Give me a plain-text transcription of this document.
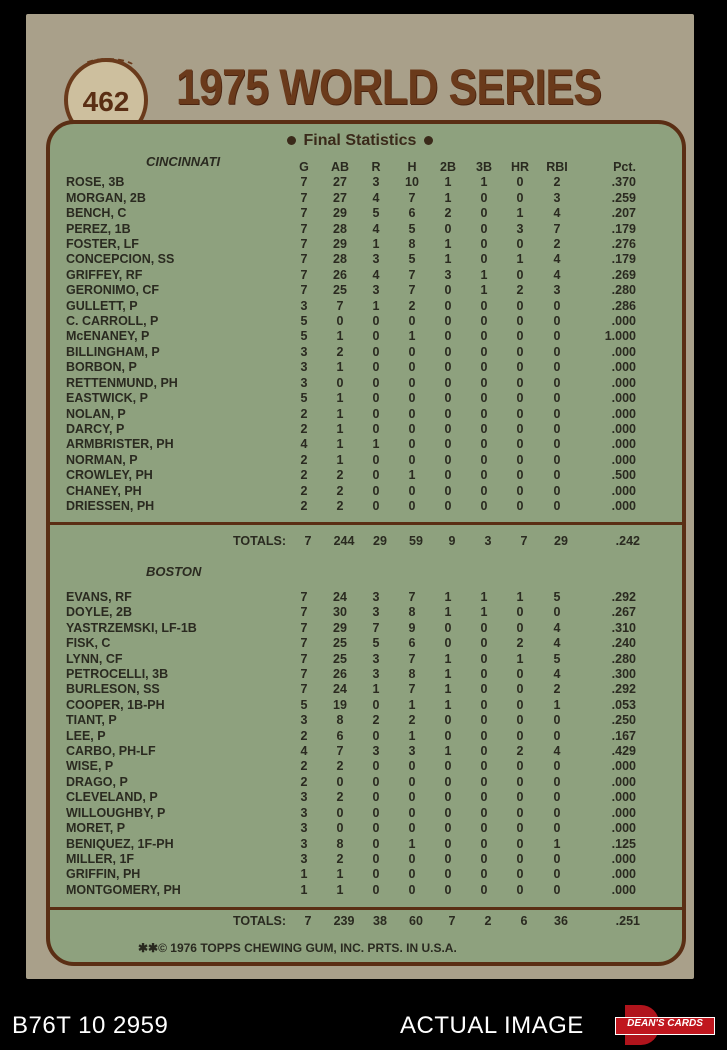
462 1975 WORLD SERIES
Final Statistics
CINCINNATI
		G	AB	R	H	2B	3B	HR	RBI	Pct.
ROSE, 3B	7	27	3	10	1	1	0	2	.370
MORGAN, 2B	7	27	4	7	1	0	0	3	.259
BENCH, C	7	29	5	6	2	0	1	4	.207
PEREZ, 1B	7	28	4	5	0	0	3	7	.179
FOSTER, LF	7	29	1	8	1	0	0	2	.276
CONCEPCION, SS	7	28	3	5	1	0	1	4	.179
GRIFFEY, RF	7	26	4	7	3	1	0	4	.269
GERONIMO, CF	7	25	3	7	0	1	2	3	.280
GULLETT, P	3	7	1	2	0	0	0	0	.286
C. CARROLL, P	5	0	0	0	0	0	0	0	.000
McENANEY, P	5	1	0	1	0	0	0	0	1.000
BILLINGHAM, P	3	2	0	0	0	0	0	0	.000
BORBON, P	3	1	0	0	0	0	0	0	.000
RETTENMUND, PH	3	0	0	0	0	0	0	0	.000
EASTWICK, P	5	1	0	0	0	0	0	0	.000
NOLAN, P	2	1	0	0	0	0	0	0	.000
DARCY, P	2	1	0	0	0	0	0	0	.000
ARMBRISTER, PH	4	1	1	0	0	0	0	0	.000
NORMAN, P	2	1	0	0	0	0	0	0	.000
CROWLEY, PH	2	2	0	1	0	0	0	0	.500
CHANEY, PH	2	2	0	0	0	0	0	0	.000
DRIESSEN, PH	2	2	0	0	0	0	0	0	.000
TOTALS:	7	244	29	59	9	3	7	29	.242
BOSTON
EVANS, RF	7	24	3	7	1	1	1	5	.292
DOYLE, 2B	7	30	3	8	1	1	0	0	.267
YASTRZEMSKI, LF-1B	7	29	7	9	0	0	0	4	.310
FISK, C	7	25	5	6	0	0	2	4	.240
LYNN, CF	7	25	3	7	1	0	1	5	.280
PETROCELLI, 3B	7	26	3	8	1	0	0	4	.300
BURLESON, SS	7	24	1	7	1	0	0	2	.292
COOPER, 1B-PH	5	19	0	1	1	0	0	1	.053
TIANT, P	3	8	2	2	0	0	0	0	.250
LEE, P	2	6	0	1	0	0	0	0	.167
CARBO, PH-LF	4	7	3	3	1	0	2	4	.429
WISE, P	2	2	0	0	0	0	0	0	.000
DRAGO, P	2	0	0	0	0	0	0	0	.000
CLEVELAND, P	3	2	0	0	0	0	0	0	.000
WILLOUGHBY, P	3	0	0	0	0	0	0	0	.000
MORET, P	3	0	0	0	0	0	0	0	.000
BENIQUEZ, 1F-PH	3	8	0	1	0	0	0	1	.125
MILLER, 1F	3	2	0	0	0	0	0	0	.000
GRIFFIN, PH	1	1	0	0	0	0	0	0	.000
MONTGOMERY, PH	1	1	0	0	0	0	0	0	.000
TOTALS:	7	239	38	60	7	2	6	36	.251
✱✱© 1976 TOPPS CHEWING GUM, INC. PRTS. IN U.S.A.
B76T 10 2959	ACTUAL IMAGE	DEAN'S CARDS
